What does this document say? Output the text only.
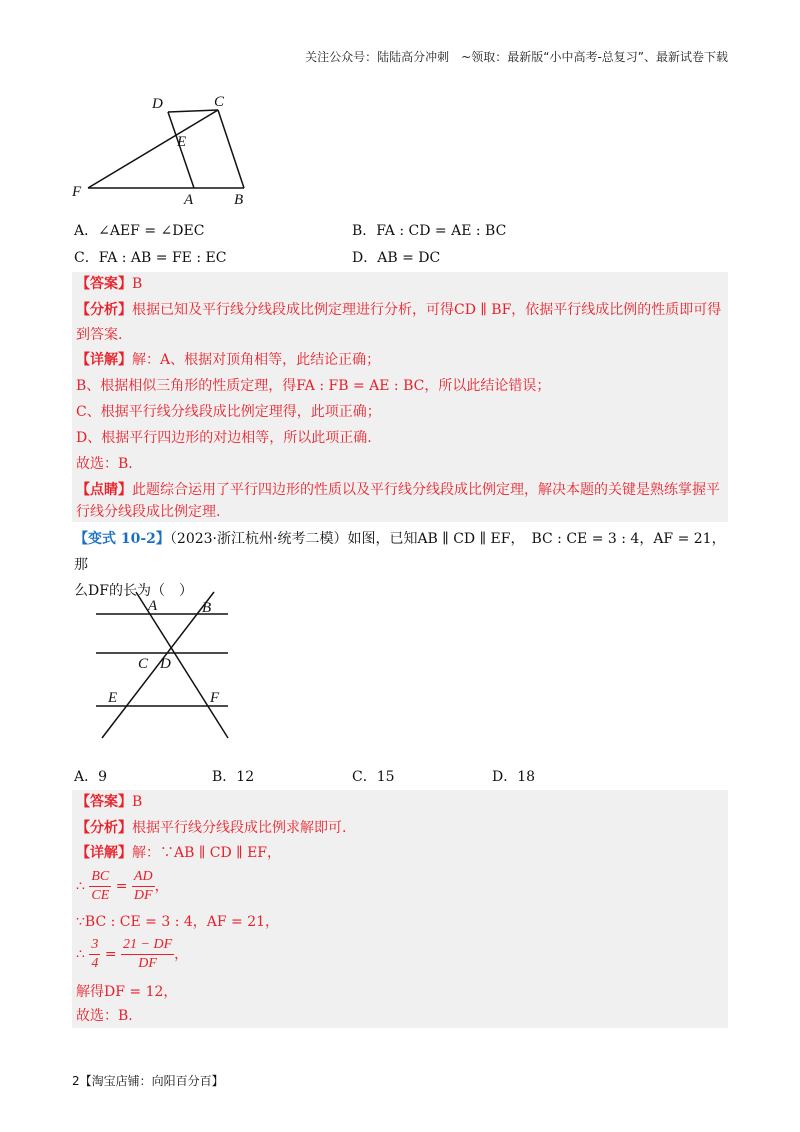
关注公众号：陆陆高分冲刺　~领取：最新版“小中高考-总复习”、最新试卷下载
D	C
E
F	A	B
A．∠AEF = ∠DEC	B．FA : CD = AE : BC
C．FA : AB = FE : EC	D．AB = DC
【答案】B
【分析】根据已知及平行线分线段成比例定理进行分析，可得CD ∥ BF，依据平行线成比例的性质即可得
到答案.
【详解】解：A、根据对顶角相等，此结论正确；
B、根据相似三角形的性质定理，得FA : FB = AE : BC，所以此结论错误；
C、根据平行线分线段成比例定理得，此项正确；
D、根据平行四边形的对边相等，所以此项正确.
故选：B.
【点睛】此题综合运用了平行四边形的性质以及平行线分线段成比例定理，解决本题的关键是熟练掌握平
行线分线段成比例定理.
【变式 10-2】（2023·浙江杭州·统考二模）如图，已知AB ∥ CD ∥ EF，　BC : CE = 3 : 4，AF = 21，那
么DF的长为（　）
A	B
C D
E	F
A．9	B．12	C．15	D．18
【答案】B
【分析】根据平行线分线段成比例求解即可.
【详解】解：∵AB ∥ CD ∥ EF，
∴ $\frac{BC}{CE} = \frac{AD}{DF}$ ，
∵BC : CE = 3 : 4，AF = 21，
∴ $\frac{3}{4} = \frac{21 - DF}{DF}$ ，
解得DF = 12，
故选：B.
2【淘宝店铺：向阳百分百】
